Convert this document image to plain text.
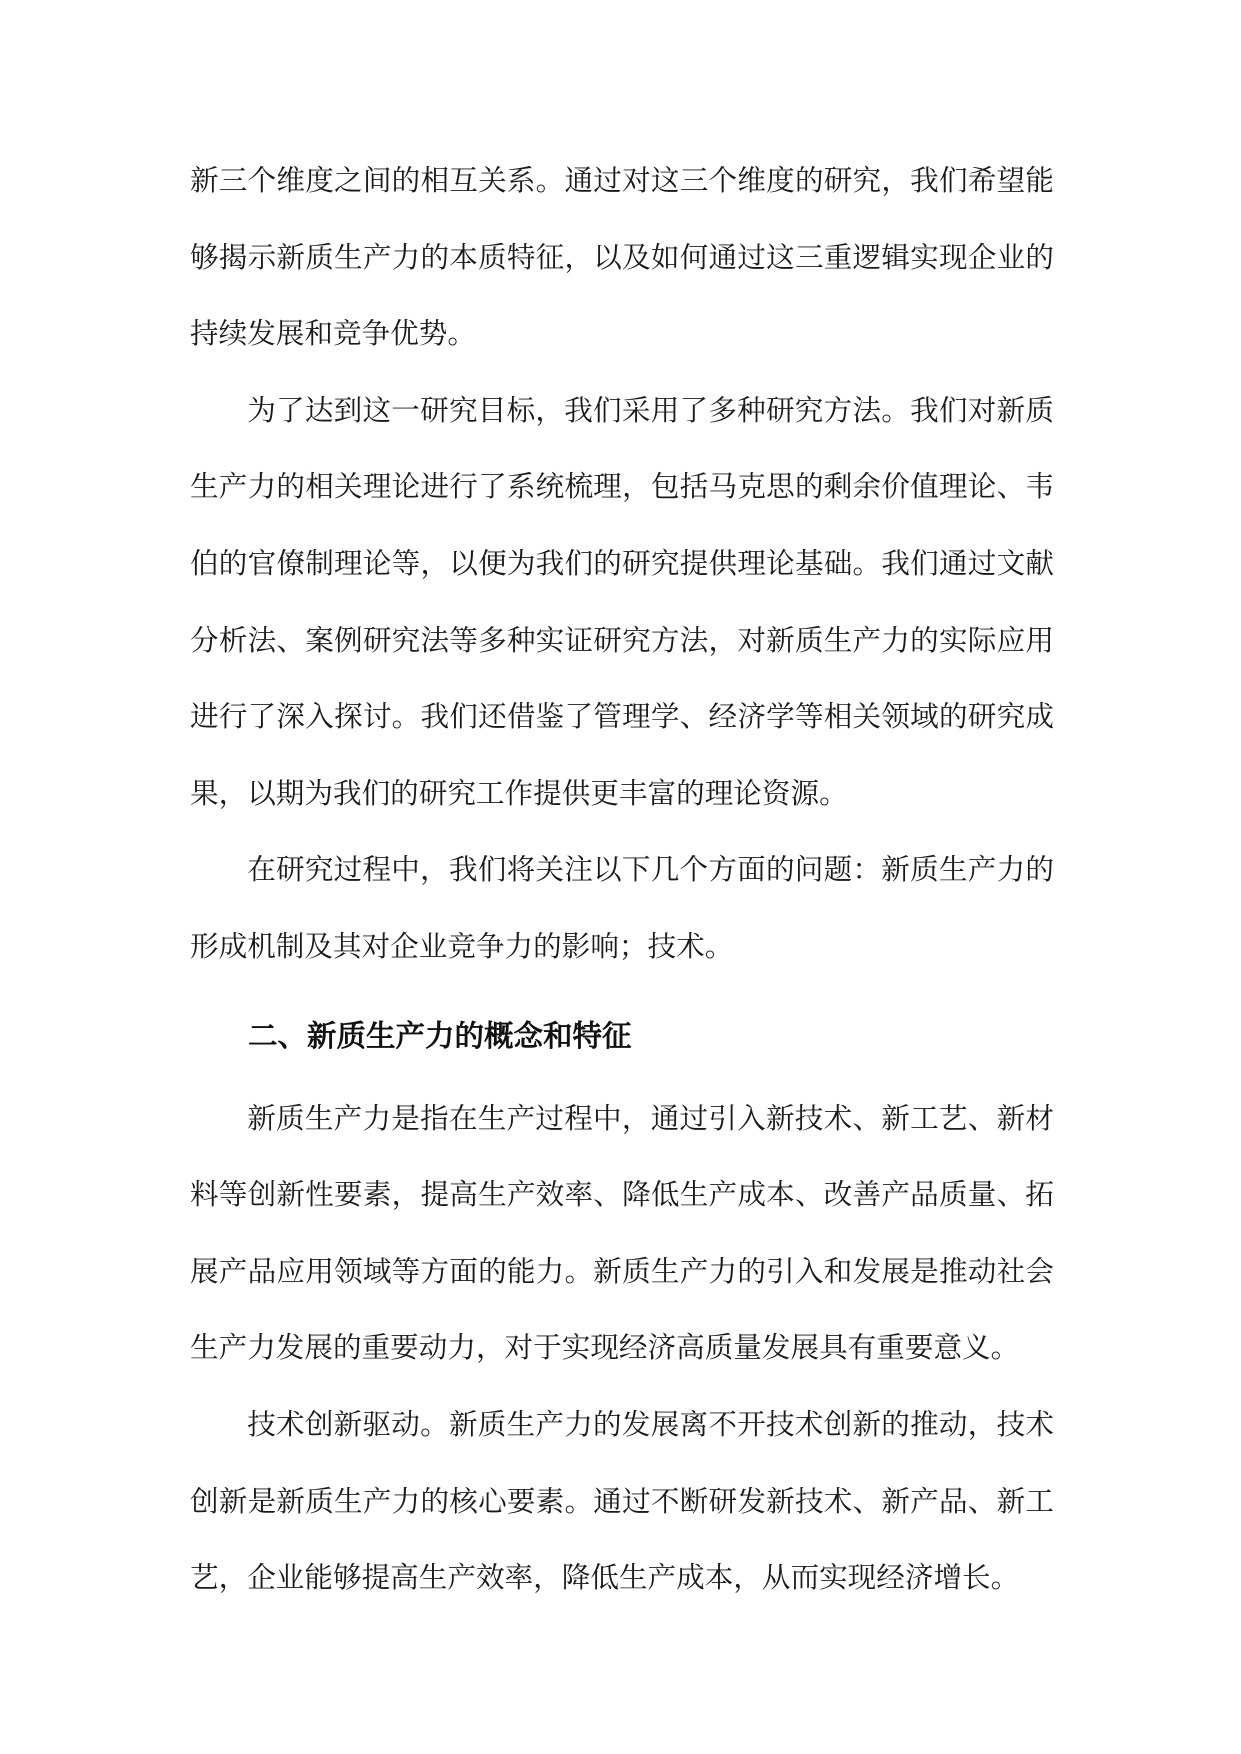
新三个维度之间的相互关系。通过对这三个维度的研究，我们希望能够揭示新质生产力的本质特征，以及如何通过这三重逻辑实现企业的持续发展和竞争优势。

为了达到这一研究目标，我们采用了多种研究方法。我们对新质生产力的相关理论进行了系统梳理，包括马克思的剩余价值理论、韦伯的官僚制理论等，以便为我们的研究提供理论基础。我们通过文献分析法、案例研究法等多种实证研究方法，对新质生产力的实际应用进行了深入探讨。我们还借鉴了管理学、经济学等相关领域的研究成果，以期为我们的研究工作提供更丰富的理论资源。

在研究过程中，我们将关注以下几个方面的问题：新质生产力的形成机制及其对企业竞争力的影响；技术。

二、新质生产力的概念和特征

新质生产力是指在生产过程中，通过引入新技术、新工艺、新材料等创新性要素，提高生产效率、降低生产成本、改善产品质量、拓展产品应用领域等方面的能力。新质生产力的引入和发展是推动社会生产力发展的重要动力，对于实现经济高质量发展具有重要意义。

技术创新驱动。新质生产力的发展离不开技术创新的推动，技术创新是新质生产力的核心要素。通过不断研发新技术、新产品、新工艺，企业能够提高生产效率，降低生产成本，从而实现经济增长。
